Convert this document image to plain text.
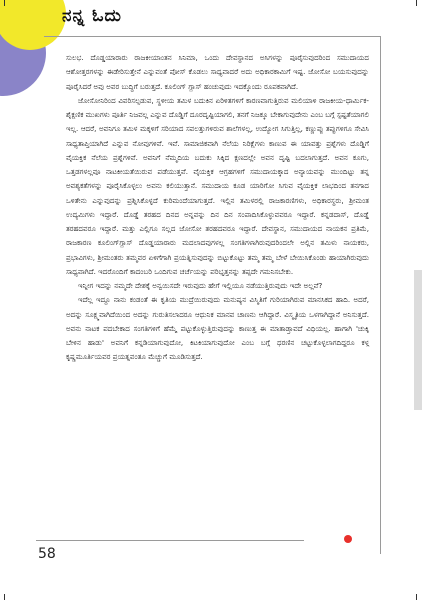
ನನ್ನ ಓದು

ಸುಲಭ. ದೊಡ್ಡಯಾರಾರು ರಾಜಕೀಯಾಂತನ ಸಿನಿಮಾ, ಒಂದು ದೇವಸ್ಥಾನದ ಅಸಿಗಳನ್ನು ಪೂರೈಸುವುದರಿಂದ ಸಮುದಾಯದ ಆಶೋತ್ತರಗಳನ್ನು ಈಡೇರಿಸುತ್ತೇನೆ ಎನ್ನುವಂತೆ ಪೋಸ್ ಕೊಡಲು ಸಾಧ್ಯವಾದರೆ ಅದು ಅಧಿಕಾರಕಾಮಿಗೆ ಇಷ್ಟ. ಜೋಸೋ ಬಯಸುವುದನ್ನು ಪೂರೈಸಿದರೆ ಅವು ಅವರ ಬುದ್ಧಿಗೆ ಬರುತ್ತದೆ. ಕೂಲಿಂಗ್ ಗ್ಲಾಸ್ ಹಂಚುವುದು ಇದಕ್ಕೊಂದು ರೂಪಕವಾಗಿದೆ.

ಜೋಸೋನಿರಿಂದ ವಿವರಿಸಲ್ಪಡುವ, ಸ್ಥಳೀಯ ತಮಿಳ ಬದುಕಿನ ಏರಿಳಿತಗಳಿಗೆ ಕಾರಣವಾಗುತ್ತಿರುವ ಮಲಿಯಾಳಿ ರಾಜಕೀಯ-ಧಾರ್ಮಿಕ-ಶೈಕ್ಷಣಿಕ ಮುಖಗಳು ಪೂರ್ತಿ ನಿಜವಲ್ಲ ಎನ್ನುವ ದೊಡ್ಡಿಗೆ ದೂರದೃಷ್ಟಿಯಾಗಲಿ, ತನಗೆ ನಿಜಕ್ಕೂ ಬೇಕಾಗುವುದೇನು ಎಂಬ ಬಗ್ಗೆ ಸ್ಪಷ್ಟತೆಯಾಗಲಿ ಇಲ್ಲ. ಆದರೆ, ಅವನಿಗೂ ತಮಿಳ ಮಕ್ಕಳಿಗೆ ಸರಿಯಾದ ಸವಲತ್ತುಗಳಿರುವ ಶಾಲೆಗಳಲ್ಲ, ಉದ್ಯೋಗ ಸಿಗುತ್ತಿಲ್ಲ, ಕಣ್ಣುಪ್ಪು ತಪ್ಪುಗಳಿಗೂ ಸೇವಿಸಿ ಸಾಧ್ಯತಾಪ್ತಿಯಾಗಿದೆ ಎನ್ನುವ ನೋವುಗಳಿವೆ. ಇವೆ. ಸಾಮಾಜಿಕವಾಗಿ ನೆಲೆಯ ನಿರಿಕ್ಷೆಗಳು ಕಾಣುವ ಈ ಯಾವತ್ತು ಪ್ರಶ್ನೆಗಳು ದೊಡ್ಡಿಗೆ ವೈಯಕ್ತಿಕ ನೆಲೆಯ ಪ್ರಶ್ನೆಗಳಿವೆ. ಅವನಿಗೆ ನೆಮ್ಮದಿಯ ಬದುಕು ಸಿಕ್ಕಿದ ಕ್ಷಣದಲ್ಲೇ ಅವನ ದೃಷ್ಟಿ ಬದಲಾಗುತ್ತದೆ. ಅವನ ಕೂಗು, ಒತ್ತಡಗಳಲ್ಲವೂ ನಾಟಕೀಯತೆಯಿರುವ ಪಡೆಯುತ್ತವೆ. ವೈಯಕ್ತಿಕ ಆಗ್ರಹಗಳಿಗೆ ಸಮುದಾಯಕ್ಕಾದ ಅನ್ಯಾಯವನ್ನು ಮುಂದಿಟ್ಟು ತನ್ನ ಅವಶ್ಯಕತೆಗಳನ್ನು ಪೂರೈಸಿಕೊಳ್ಳಲು ಅವನು ಕಲಿಯುತ್ತಾನೆ. ಸಮುದಾಯ ಕೂಡ ಯಾರಿಗೋ ಸಿಗುವ ವೈಯಕ್ತಿಕ ಲಾಭದಿಂದ ತನಗಾದ ಒಳಿತೇನು ಎನ್ನುವುದನ್ನು ಪ್ರಶ್ನಿಸಿಕೊಳ್ಳದೆ ಕುರಿಮಂದೆಯಾಗುತ್ತದೆ. ಇಲ್ಲಿನ ತಮಿಳರಲ್ಲಿ ರಾಜಕಾರಣಿಗಳು, ಅಧಿಕಾರಸ್ಥರು, ಶ್ರೀಮಂತ ಉದ್ಯಮಿಗಳು ಇದ್ದಾರೆ. ದೊಡ್ಡೆ ತರಹದ ದಿನದ ಅನ್ನವನ್ನು ದಿನ ದಿನ ಸಂಪಾದಿಸಿಕೊಳ್ಳುವವರೂ ಇದ್ದಾರೆ. ಕನ್ನಡದಾಸ್, ದೊಡ್ಡೆ ತರಹದವರೂ ಇದ್ದಾರೆ. ಮತ್ತು ಎಲ್ಲಿಗೂ ಸಲ್ಲದ ಜೋಸೋ ತರಹದವರೂ ಇದ್ದಾರೆ. ದೇವಸ್ಥಾನ, ಸಮುದಾಯದ ನಾಯಕನ ಪ್ರತಿಮೆ, ರಾಜಕಾರಣ ಕೂಲಿಂಗ್‌ಗ್ಲಾಸ್ ದೊಡ್ಡಯಾರಾರು ಮದಲಾದವುಗಳಲ್ಲ ಸಂಗತಿಗಳಾಗಿರುವುದರಿಂದಲೇ ಅಲ್ಲಿನ ತಮಿಳು ನಾಯಕರು, ಪ್ರಭಾವಿಗಳು, ಶ್ರೀಮಂತರು ತಮ್ಮವರ ಏಳಿಗೆಗಾಗಿ ಪ್ರಯತ್ನಿಸುವುದನ್ನು ಬಿಟ್ಟುಕೊಟ್ಟು ತಮ್ಮ ತಮ್ಮ ಬೇಳೆ ಬೇಯಿಸಿಕೊಂಡು ಹಾಯಾಗಿರುವುದು ಸಾಧ್ಯವಾಗಿದೆ. ಇದರೊಂದಿಗೆ ಕಾದಂಬರಿ ಒಂದಿಗುವ ಚರ್ಚೆಯನ್ನು ಪರಿಭೃತ್ತನನ್ನು ತಪ್ಪದೇ ಗಮನಿಸಬೇಕು.

ಇನ್ನೀಗ ಇದನ್ನು ನಮ್ಮದೇ ದೇಶಕ್ಕೆ ಅನ್ವಯಿಸದೇ ಇರುವುದು ಹೇಗೆ ಇಲ್ಲಿಯೂ ನಡೆಯುತ್ತಿರುವುದು ಇದೇ ಅಲ್ಲವೆ?

ಇದೆಲ್ಲ ಇದ್ದೂ ನಾನು ಕಂಡಂತೆ ಈ ಕೃತಿಯ ಮುದ್ರೆಯಿರುವುದು ಮನುಷ್ಯನ ವಿಸ್ಮಿತಿಗೆ ಗುರಿಯಾಗಿರುವ ಮಾನಸಿಕದ ಹಾದಿ. ಅದರೆ, ಅದನ್ನು ಸೂಕ್ಷ್ಮವಾಗಿದೆಯಿಂದ ಅದನ್ನು ಗುರುತಿಸಲಾದರೂ ಆಧುನಿಕ ಮಾನವ ಚಾಣನು ಆಗಿದ್ದಾರೆ. ವಿಸ್ಮೃತಿಯ ಒಳಗಾಗಿದ್ದಾನೆ ಅನಿಸುತ್ತದೆ. ಅವನು ನಾಟಕ ಪದಬೇಕಾದ ಸಂಗತಿಗಳಿಗೆ ಹೆಮ್ಮೆ ಪಟ್ಟುಕೊಳ್ಳುತ್ತಿರುವುದನ್ನು ಕಾಣುತ್ತ ಈ ಮಾತಾಡ್ತಾವದೆ ವಿಧಿಯಲ್ಲ. ಹಾಗಾಗಿ 'ಚುಕ್ಕಿ ಬೇಳಿನ ಹಾಡು' ಅವನಿಗೆ ಕನ್ನಡಿಯಾಗುವುದೋ, ಕಿಟಕಿಯಾಗುವುದೋ ಎಂಬ ಬಗ್ಗೆ ಧರಣಿನ ಚಟ್ಟುಕೊಳ್ಳಲಾಗದಿದ್ದರೂ ಕಳ್ಗ ಕೃಷ್ಣಮೂರ್ತಿಯವರ ಪ್ರಯತ್ನವಂತೂ ಮೆಚ್ಚುಗೆ ಮೂಡಿಸುತ್ತದೆ.

58
